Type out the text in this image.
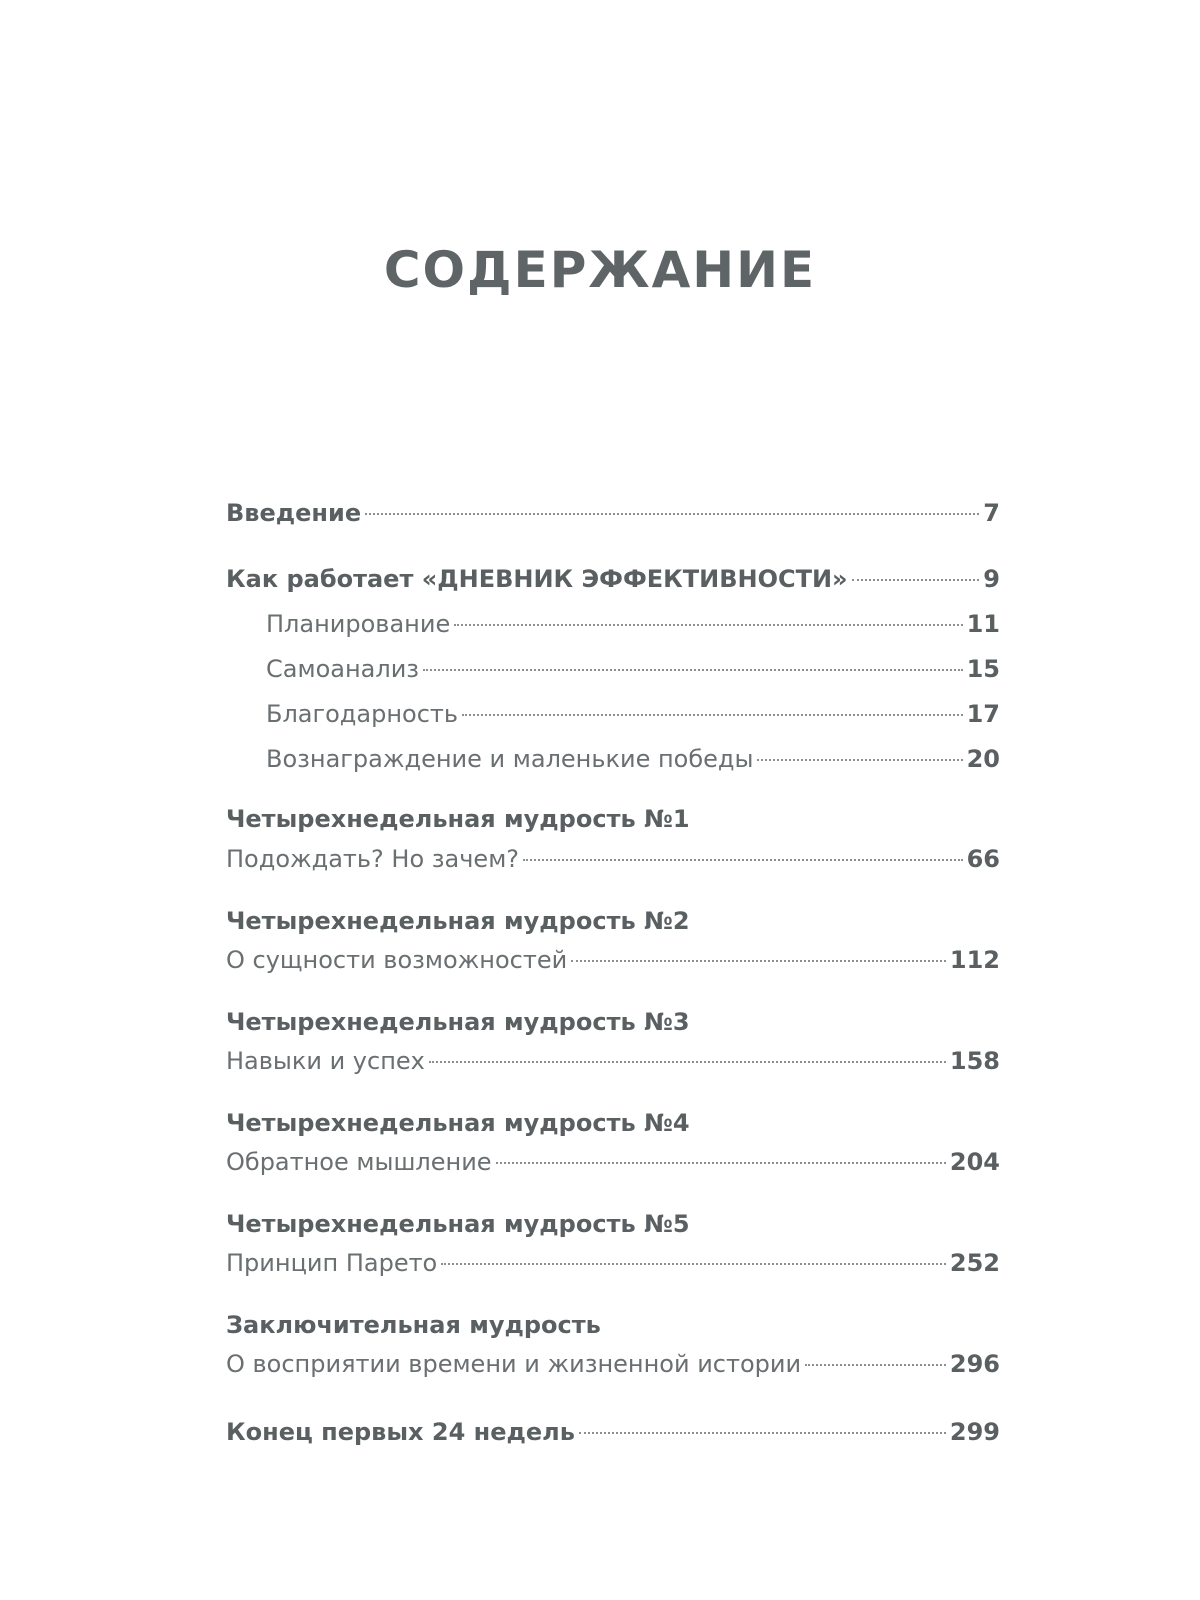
СОДЕРЖАНИЕ
Введение	7
Как работает «ДНЕВНИК ЭФФЕКТИВНОСТИ»	9
Планирование	11
Самоанализ	15
Благодарность	17
Вознаграждение и маленькие победы	20
Четырехнедельная мудрость №1
Подождать? Но зачем?	66
Четырехнедельная мудрость №2
О сущности возможностей	112
Четырехнедельная мудрость №3
Навыки и успех	158
Четырехнедельная мудрость №4
Обратное мышление	204
Четырехнедельная мудрость №5
Принцип Парето	252
Заключительная мудрость
О восприятии времени и жизненной истории	296
Конец первых 24 недель	299
